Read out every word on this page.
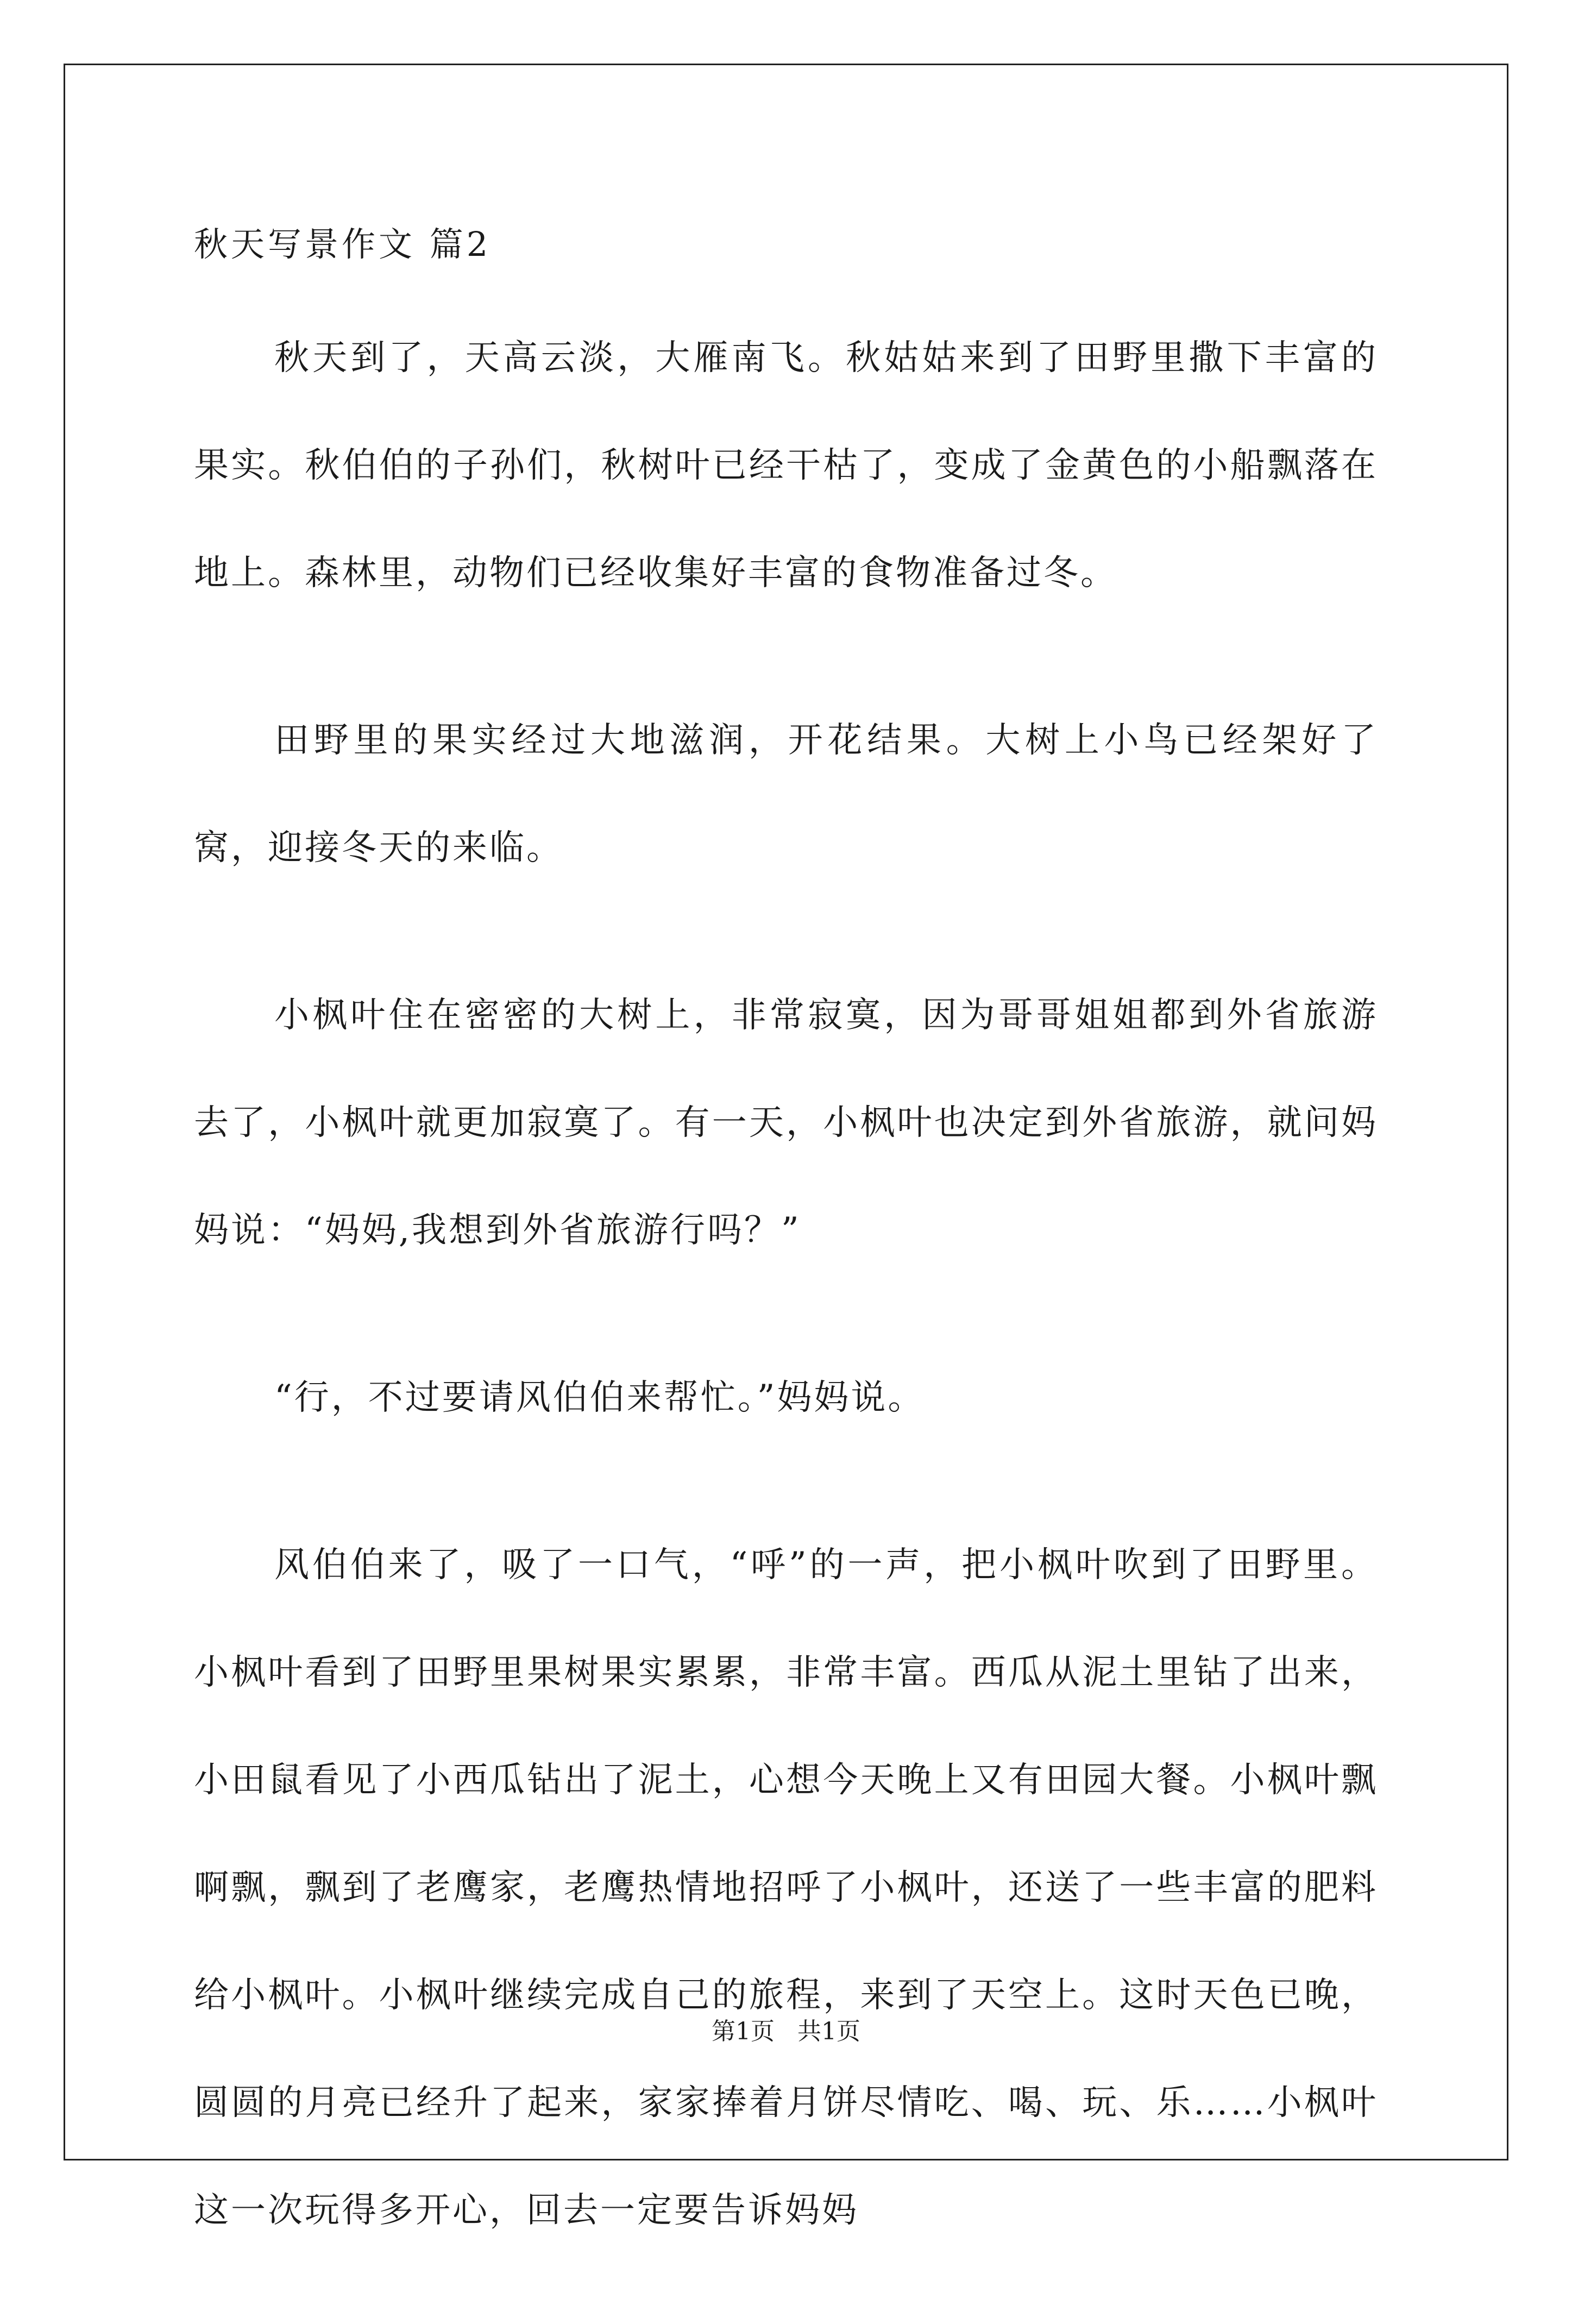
秋天写景作文 篇2

秋天到了，天高云淡，大雁南飞。秋姑姑来到了田野里撒下丰富的果实。秋伯伯的子孙们，秋树叶已经干枯了，变成了金黄色的小船飘落在地上。森林里，动物们已经收集好丰富的食物准备过冬。

田野里的果实经过大地滋润，开花结果。大树上小鸟已经架好了窝，迎接冬天的来临。

小枫叶住在密密的大树上，非常寂寞，因为哥哥姐姐都到外省旅游去了，小枫叶就更加寂寞了。有一天，小枫叶也决定到外省旅游，就问妈妈说：“妈妈,我想到外省旅游行吗？”

“行，不过要请风伯伯来帮忙。”妈妈说。

风伯伯来了，吸了一口气，“呼”的一声，把小枫叶吹到了田野里。小枫叶看到了田野里果树果实累累，非常丰富。西瓜从泥土里钻了出来，小田鼠看见了小西瓜钻出了泥土，心想今天晚上又有田园大餐。小枫叶飘啊飘，飘到了老鹰家，老鹰热情地招呼了小枫叶，还送了一些丰富的肥料给小枫叶。小枫叶继续完成自己的旅程，来到了天空上。这时天色已晚，圆圆的月亮已经升了起来，家家捧着月饼尽情吃、喝、玩、乐……小枫叶这一次玩得多开心，回去一定要告诉妈妈

第1页   共1页
